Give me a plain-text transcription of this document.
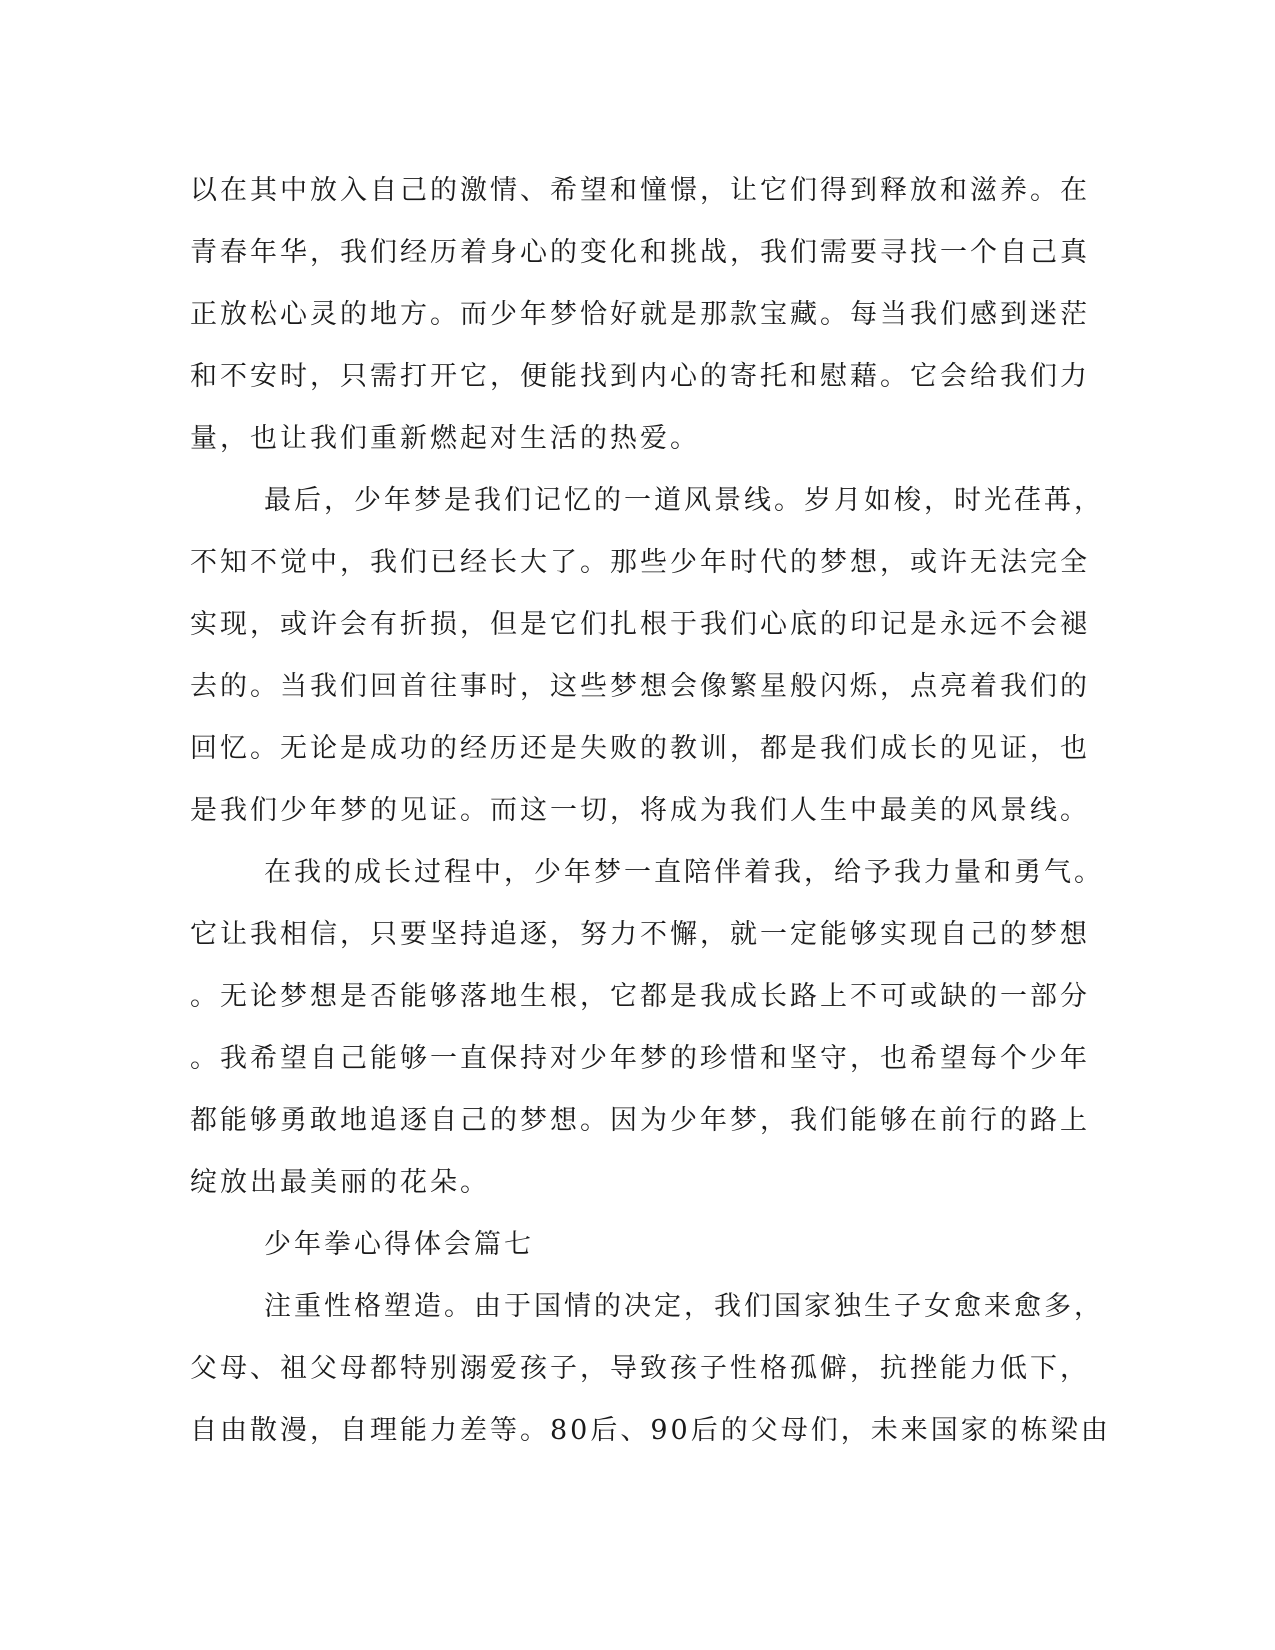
以在其中放入自己的激情、希望和憧憬，让它们得到释放和滋养。在
青春年华，我们经历着身心的变化和挑战，我们需要寻找一个自己真
正放松心灵的地方。而少年梦恰好就是那款宝藏。每当我们感到迷茫
和不安时，只需打开它，便能找到内心的寄托和慰藉。它会给我们力
量，也让我们重新燃起对生活的热爱。
最后，少年梦是我们记忆的一道风景线。岁月如梭，时光荏苒，
不知不觉中，我们已经长大了。那些少年时代的梦想，或许无法完全
实现，或许会有折损，但是它们扎根于我们心底的印记是永远不会褪
去的。当我们回首往事时，这些梦想会像繁星般闪烁，点亮着我们的
回忆。无论是成功的经历还是失败的教训，都是我们成长的见证，也
是我们少年梦的见证。而这一切，将成为我们人生中最美的风景线。
在我的成长过程中，少年梦一直陪伴着我，给予我力量和勇气。
它让我相信，只要坚持追逐，努力不懈，就一定能够实现自己的梦想
。无论梦想是否能够落地生根，它都是我成长路上不可或缺的一部分
。我希望自己能够一直保持对少年梦的珍惜和坚守，也希望每个少年
都能够勇敢地追逐自己的梦想。因为少年梦，我们能够在前行的路上
绽放出最美丽的花朵。
少年拳心得体会篇七
注重性格塑造。由于国情的决定，我们国家独生子女愈来愈多，
父母、祖父母都特别溺爱孩子，导致孩子性格孤僻，抗挫能力低下，
自由散漫，自理能力差等。80后、90后的父母们，未来国家的栋梁由
